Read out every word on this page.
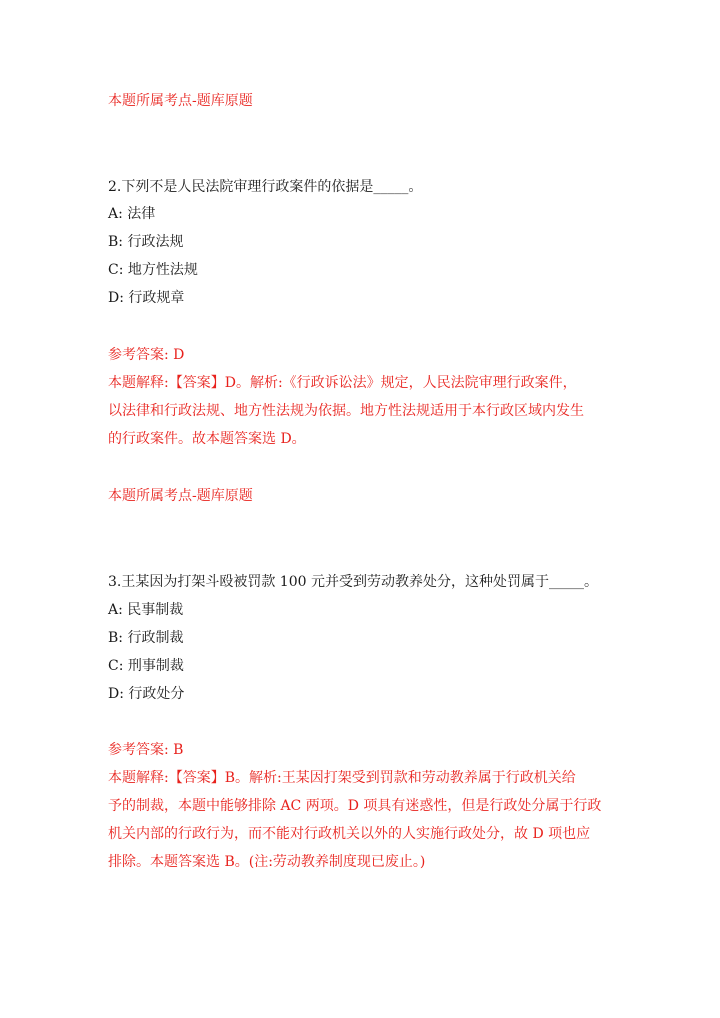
本题所属考点-题库原题
2.下列不是人民法院审理行政案件的依据是_____。
A: 法律
B: 行政法规
C: 地方性法规
D: 行政规章
参考答案: D
本题解释:【答案】D。解析:《行政诉讼法》规定，人民法院审理行政案件，
以法律和行政法规、地方性法规为依据。地方性法规适用于本行政区域内发生
的行政案件。故本题答案选 D。
本题所属考点-题库原题
3.王某因为打架斗殴被罚款 100 元并受到劳动教养处分，这种处罚属于_____。
A: 民事制裁
B: 行政制裁
C: 刑事制裁
D: 行政处分
参考答案: B
本题解释:【答案】B。解析:王某因打架受到罚款和劳动教养属于行政机关给
予的制裁，本题中能够排除 AC 两项。D 项具有迷惑性，但是行政处分属于行政
机关内部的行政行为，而不能对行政机关以外的人实施行政处分，故 D 项也应
排除。本题答案选 B。(注:劳动教养制度现已废止。)
